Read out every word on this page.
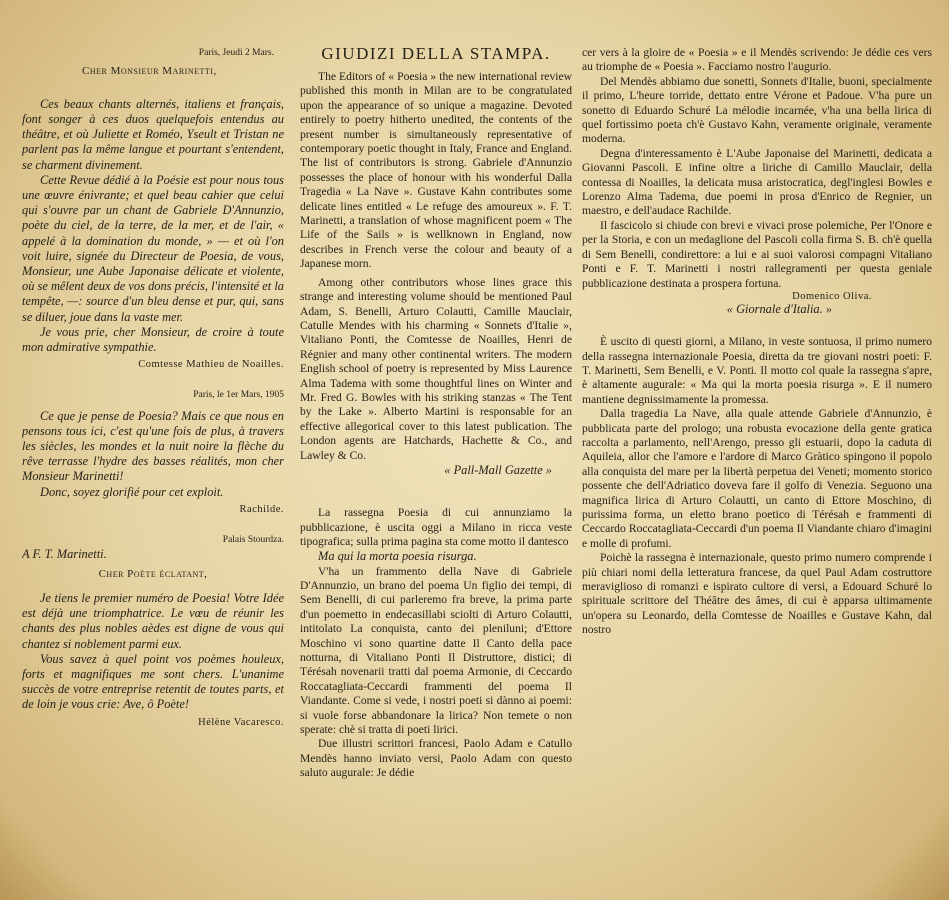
Paris, Jeudi 2 Mars.

Cher Monsieur Marinetti,

Ces beaux chants alternés, italiens et français, font songer à ces duos quelquefois entendus au théâtre, et où Juliette et Roméo, Yseult et Tristan ne parlent pas la même langue et pourtant s'entendent, se charment divinement.

Cette Revue dédié à la Poésie est pour nous tous une œuvre énivrante; et quel beau cahier que celui qui s'ouvre par un chant de Gabriele D'Annunzio, poète du ciel, de la terre, de la mer, et de l'air, « appelé à la domination du monde, » — et où l'on voit luire, signée du Directeur de Poesia, de vous, Monsieur, une Aube Japonaise délicate et violente, où se mêlent deux de vos dons précis, l'intensité et la tempête, —: source d'un bleu dense et pur, qui, sans se diluer, joue dans la vaste mer.

Je vous prie, cher Monsieur, de croire à toute mon admirative sympathie.

Comtesse Mathieu de Noailles.

Paris, le 1er Mars, 1905

Ce que je pense de Poesia? Mais ce que nous en pensons tous ici, c'est qu'une fois de plus, à travers les siècles, les mondes et la nuit noire la flèche du rêve terrasse l'hydre des basses réalités, mon cher Monsieur Marinetti!

Donc, soyez glorifié pour cet exploit.

Rachilde.

Palais Stourdza.

A F. T. Marinetti.

Cher Poète éclatant,

Je tiens le premier numéro de Poesia! Votre Idée est déjà une triomphatrice. Le vœu de réunir les chants des plus nobles aèdes est digne de vous qui chantez si noblement parmi eux.

Vous savez à quel point vos poèmes houleux, forts et magnifiques me sont chers. L'unanime succès de votre entreprise retentit de toutes parts, et de loin je vous crie: Ave, ô Poète!

Hélène Vacaresco.

GIUDIZI DELLA STAMPA.

The Editors of « Poesia » the new international review published this month in Milan are to be congratulated upon the appearance of so unique a magazine. Devoted entirely to poetry hitherto unedited, the contents of the present number is simultaneously representative of contemporary poetic thought in Italy, France and England. The list of contributors is strong. Gabriele d'Annunzio possesses the place of honour with his wonderful Dalla Tragedia « La Nave ». Gustave Kahn contributes some delicate lines entitled « Le refuge des amoureux ». F. T. Marinetti, a translation of whose magnificent poem « The Life of the Sails » is wellknown in England, now describes in French verse the colour and beauty of a Japanese morn.

Among other contributors whose lines grace this strange and interesting volume should be mentioned Paul Adam, S. Benelli, Arturo Colautti, Camille Mauclair, Catulle Mendes with his charming « Sonnets d'Italie », Vitaliano Ponti, the Comtesse de Noailles, Henri de Régnier and many other continental writers. The modern English school of poetry is represented by Miss Laurence Alma Tadema with some thoughtful lines on Winter and Mr. Fred G. Bowles with his striking stanzas « The Tent by the Lake ». Alberto Martini is responsable for an effective allegorical cover to this latest publication. The London agents are Hatchards, Hachette & Co., and Lawley & Co.

« Pall-Mall Gazette »

La rassegna Poesia di cui annunziamo la pubblicazione, è uscita oggi a Milano in ricca veste tipografica; sulla prima pagina sta come motto il dantesco

Ma qui la morta poesia risurga.

V'ha un frammento della Nave di Gabriele D'Annunzio, un brano del poema Un figlio dei tempi, di Sem Benelli, di cui parleremo fra breve, la prima parte d'un poemetto in endecasillabi sciolti di Arturo Colautti, intitolato La conquista, canto dei pleniluni; d'Ettore Moschino vi sono quartine datte Il Canto della pace notturna, di Vitaliano Ponti Il Distruttore, distici; di Térésah novenarii tratti dal poema Armonie, di Ceccardo Roccatagliata-Ceccardi frammenti del poema Il Viandante. Come si vede, i nostri poeti si dànno ai poemi: si vuole forse abbandonare la lirica? Non temete o non sperate: chè si tratta di poeti lirici.

Due illustri scrittori francesi, Paolo Adam e Catullo Mendès hanno inviato versi, Paolo Adam con questo saluto augurale: Je dédie

cer vers à la gloire de « Poesia » e il Mendès scrivendo: Je dédie ces vers au triomphe de « Poesia ». Facciamo nostro l'augurio.

Del Mendès abbiamo due sonetti, Sonnets d'Italie, buoni, specialmente il primo, L'heure torride, dettato entre Vérone et Padoue. V'ha pure un sonetto di Eduardo Schuré La mélodie incarnée, v'ha una bella lirica di quel fortissimo poeta ch'è Gustavo Kahn, veramente originale, veramente moderna.

Degna d'interessamento è L'Aube Japonaise del Marinetti, dedicata a Giovanni Pascoli. E infine oltre a liriche di Camillo Mauclair, della contessa di Noailles, la delicata musa aristocratica, degl'inglesi Bowles e Lorenzo Alma Tadema, due poemi in prosa d'Enrico de Regnier, un maestro, e dell'audace Rachilde.

Il fascicolo si chiude con brevi e vivaci prose polemiche, Per l'Onore e per la Storia, e con un medaglione del Pascoli colla firma S. B. ch'è quella di Sem Benelli, condirettore: a lui e ai suoi valorosi compagni Vitaliano Ponti e F. T. Marinetti i nostri rallegramenti per questa geniale pubblicazione destinata a prospera fortuna.

Domenico Oliva.

« Giornale d'Italia. »

È uscito di questi giorni, a Milano, in veste sontuosa, il primo numero della rassegna internazionale Poesia, diretta da tre giovani nostri poeti: F. T. Marinetti, Sem Benelli, e V. Ponti. Il motto col quale la rassegna s'apre, è altamente augurale: « Ma qui la morta poesia risurga ». E il numero mantiene degnissimamente la promessa.

Dalla tragedia La Nave, alla quale attende Gabriele d'Annunzio, è pubblicata parte del prologo; una robusta evocazione della gente gratica raccolta a parlamento, nell'Arengo, presso gli estuarii, dopo la caduta di Aquileia, allor che l'amore e l'ardore di Marco Gràtico spingono il popolo alla conquista del mare per la libertà perpetua dei Veneti; momento storico possente che dell'Adriatico doveva fare il golfo di Venezia. Seguono una magnifica lirica di Arturo Colautti, un canto di Ettore Moschino, di purissima forma, un eletto brano poetico di Térésah e frammenti di Ceccardo Roccatagliata-Ceccardi d'un poema Il Viandante chiaro d'imagini e molle di profumi.

Poichè la rassegna è internazionale, questo primo numero comprende i più chiari nomi della letteratura francese, da quel Paul Adam costruttore meraviglioso di romanzi e ispirato cultore di versi, a Edouard Schuré lo spirituale scrittore del Théâtre des âmes, di cui è apparsa ultimamente un'opera su Leonardo, della Comtesse de Noailles e Gustave Kahn, dal nostro
